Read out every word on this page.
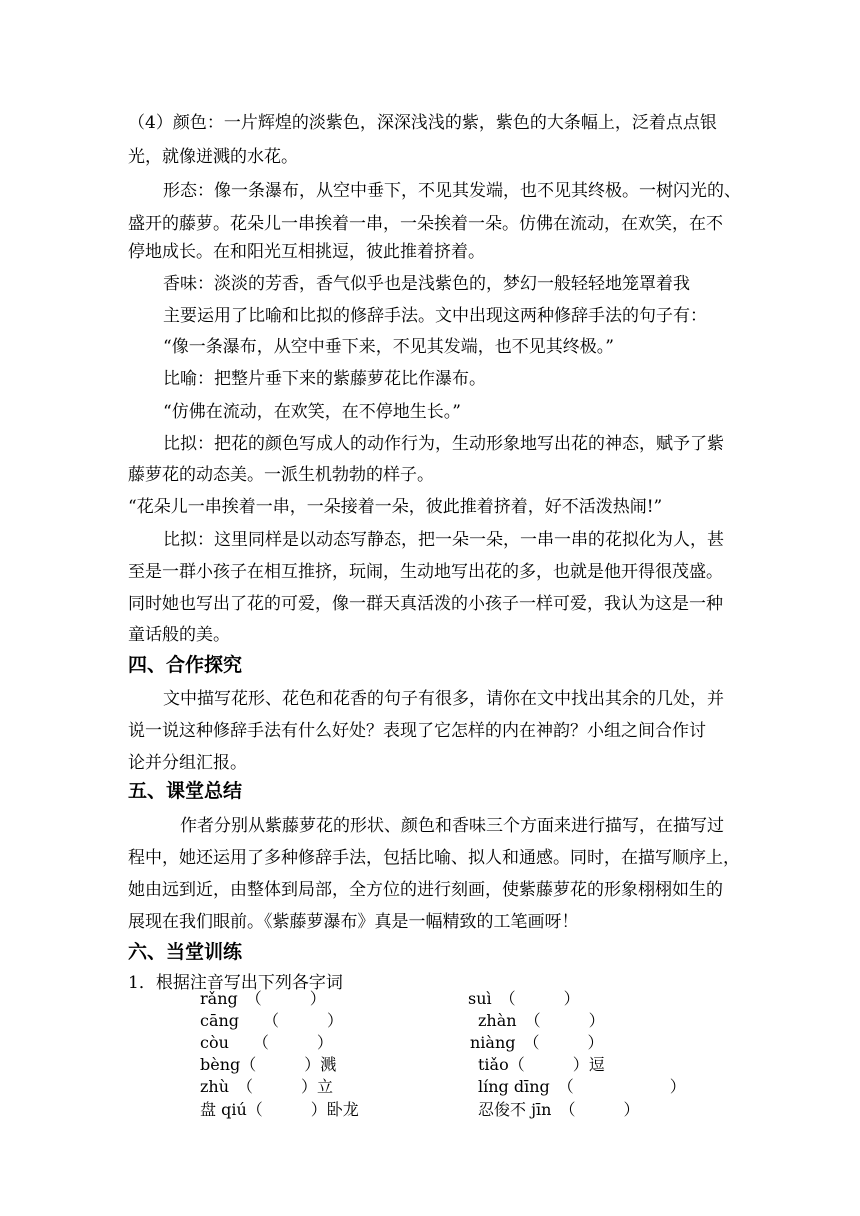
（4）颜色：一片辉煌的淡紫色，深深浅浅的紫，紫色的大条幅上，泛着点点银
光，就像迸溅的水花。
形态：像一条瀑布，从空中垂下，不见其发端，也不见其终极。一树闪光的、
盛开的藤萝。花朵儿一串挨着一串，一朵挨着一朵。仿佛在流动，在欢笑，在不
停地成长。在和阳光互相挑逗，彼此推着挤着。
香味：淡淡的芳香，香气似乎也是浅紫色的，梦幻一般轻轻地笼罩着我
主要运用了比喻和比拟的修辞手法。文中出现这两种修辞手法的句子有：
“像一条瀑布，从空中垂下来，不见其发端，也不见其终极。”
比喻：把整片垂下来的紫藤萝花比作瀑布。
“仿佛在流动，在欢笑，在不停地生长。”
比拟：把花的颜色写成人的动作行为，生动形象地写出花的神态，赋予了紫
藤萝花的动态美。一派生机勃勃的样子。
“花朵儿一串挨着一串，一朵接着一朵，彼此推着挤着，好不活泼热闹!”
比拟：这里同样是以动态写静态，把一朵一朵，一串一串的花拟化为人，甚
至是一群小孩子在相互推挤，玩闹，生动地写出花的多，也就是他开得很茂盛。
同时她也写出了花的可爱，像一群天真活泼的小孩子一样可爱，我认为这是一种
童话般的美。
四、合作探究
文中描写花形、花色和花香的句子有很多，请你在文中找出其余的几处，并
说一说这种修辞手法有什么好处？表现了它怎样的内在神韵？小组之间合作讨
论并分组汇报。
五、课堂总结
作者分别从紫藤萝花的形状、颜色和香味三个方面来进行描写，在描写过
程中，她还运用了多种修辞手法，包括比喻、拟人和通感。同时，在描写顺序上，
她由远到近，由整体到局部，全方位的进行刻画，使紫藤萝花的形象栩栩如生的
展现在我们眼前。《紫藤萝瀑布》真是一幅精致的工笔画呀！
六、当堂训练
1．根据注音写出下列各字词
rǎng　（　　　）	suì　（　　　）
cāng　　（　　　）	zhàn　（　　　）
còu　　（　　　）	niàng　（　　　）
bèng（　　　）溅	tiǎo（　　　）逗
zhù　（　　　）立	líng dīng　（　　　　　　）
盘 qiú（　　　）卧龙	忍俊不 jīn　（　　　）
